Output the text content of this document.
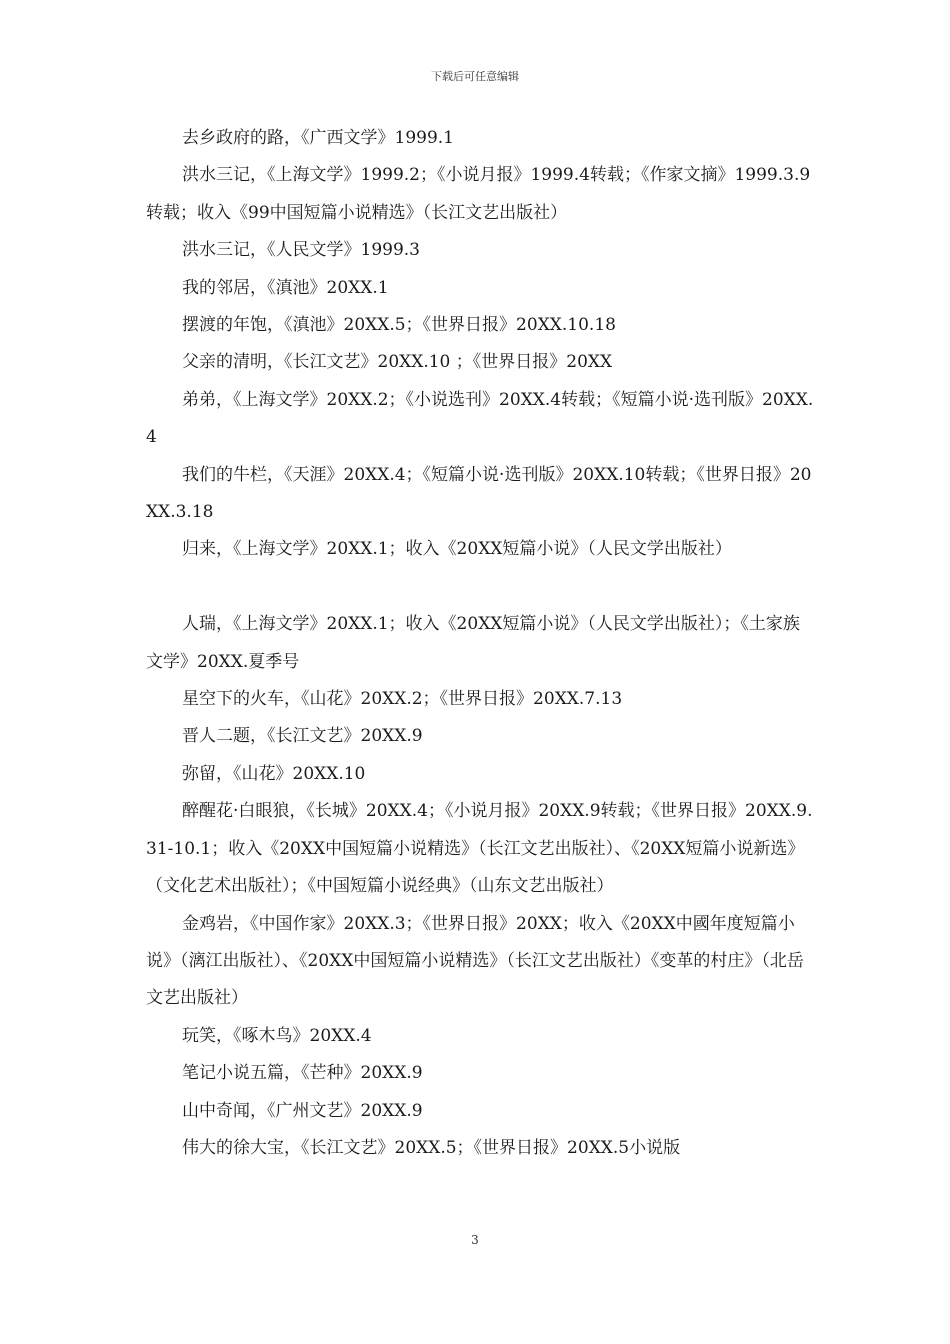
下载后可任意编辑

去乡政府的路，《广西文学》1999.1

洪水三记，《上海文学》1999.2；《小说月报》1999.4转载；《作家文摘》1999.3.9转载；收入《99中国短篇小说精选》（长江文艺出版社）

洪水三记，《人民文学》1999.3

我的邻居，《滇池》20XX.1

摆渡的年饱，《滇池》20XX.5；《世界日报》20XX.10.18

父亲的清明，《长江文艺》20XX.10 ；《世界日报》20XX

弟弟，《上海文学》20XX.2；《小说选刊》20XX.4转载；《短篇小说·选刊版》20XX.4

我们的牛栏，《天涯》20XX.4；《短篇小说·选刊版》20XX.10转载；《世界日报》20XX.3.18

归来，《上海文学》20XX.1；收入《20XX短篇小说》（人民文学出版社）

人瑞，《上海文学》20XX.1；收入《20XX短篇小说》（人民文学出版社）；《土家族文学》20XX.夏季号

星空下的火车，《山花》20XX.2；《世界日报》20XX.7.13

晋人二题，《长江文艺》20XX.9

弥留，《山花》20XX.10

醉醒花·白眼狼，《长城》20XX.4；《小说月报》20XX.9转载；《世界日报》20XX.9.31-10.1；收入《20XX中国短篇小说精选》（长江文艺出版社）、《20XX短篇小说新选》（文化艺术出版社）；《中国短篇小说经典》（山东文艺出版社）

金鸡岩，《中国作家》20XX.3；《世界日报》20XX；收入《20XX中國年度短篇小说》（漓江出版社）、《20XX中国短篇小说精选》（长江文艺出版社）《变革的村庄》（北岳文艺出版社）

玩笑，《啄木鸟》20XX.4

笔记小说五篇，《芒种》20XX.9

山中奇闻，《广州文艺》20XX.9

伟大的徐大宝，《长江文艺》20XX.5；《世界日报》20XX.5小说版

3
